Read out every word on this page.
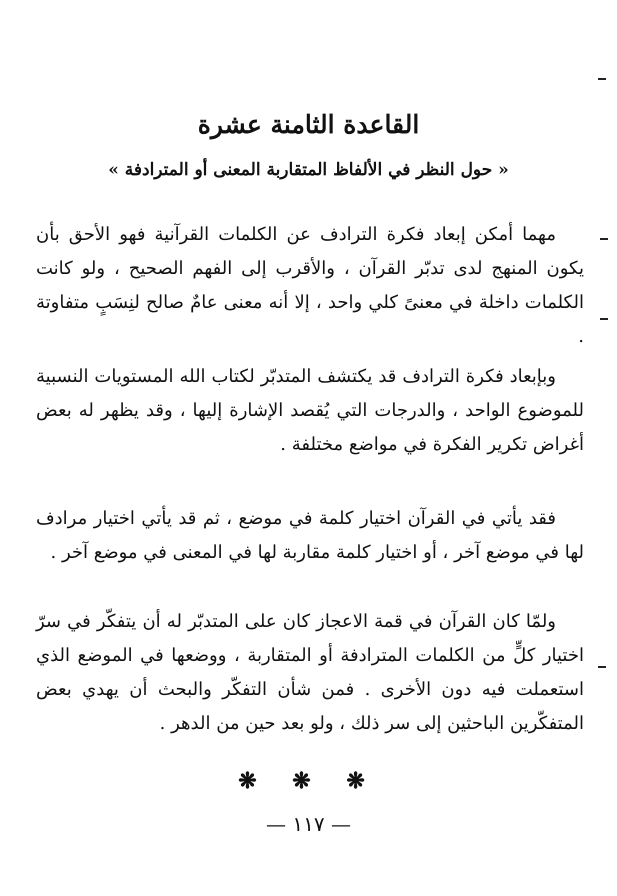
القاعدة الثامنة عشرة
« حول النظر في الألفاظ المتقاربة المعنى أو المترادفة »

مهما أمكن إبعاد فكرة الترادف عن الكلمات القرآنية فهو الأحق بأن يكون المنهج لدى تدبّر القرآن ، والأقرب إلى الفهم الصحيح ، ولو كانت الكلمات داخلة في معنىً كلي واحد ، إلا أنه معنى عامٌ صالح لنِسَبٍ متفاوتة .

وبإبعاد فكرة الترادف قد يكتشف المتدبّر لكتاب الله المستويات النسبية للموضوع الواحد ، والدرجات التي يُقصد الإشارة إليها ، وقد يظهر له بعض أغراض تكرير الفكرة في مواضع مختلفة .

فقد يأتي في القرآن اختيار كلمة في موضع ، ثم قد يأتي اختيار مرادف لها في موضع آخر ، أو اختيار كلمة مقاربة لها في المعنى في موضع آخر .

ولمّا كان القرآن في قمة الاعجاز كان على المتدبّر له أن يتفكّر في سرّ اختيار كلٍّ من الكلمات المترادفة أو المتقاربة ، ووضعها في الموضع الذي استعملت فيه دون الأخرى . فمن شأن التفكّر والبحث أن يهدي بعض المتفكّرين الباحثين إلى سر ذلك ، ولو بعد حين من الدهر .

❋ ❋ ❋
— ١١٧ —
